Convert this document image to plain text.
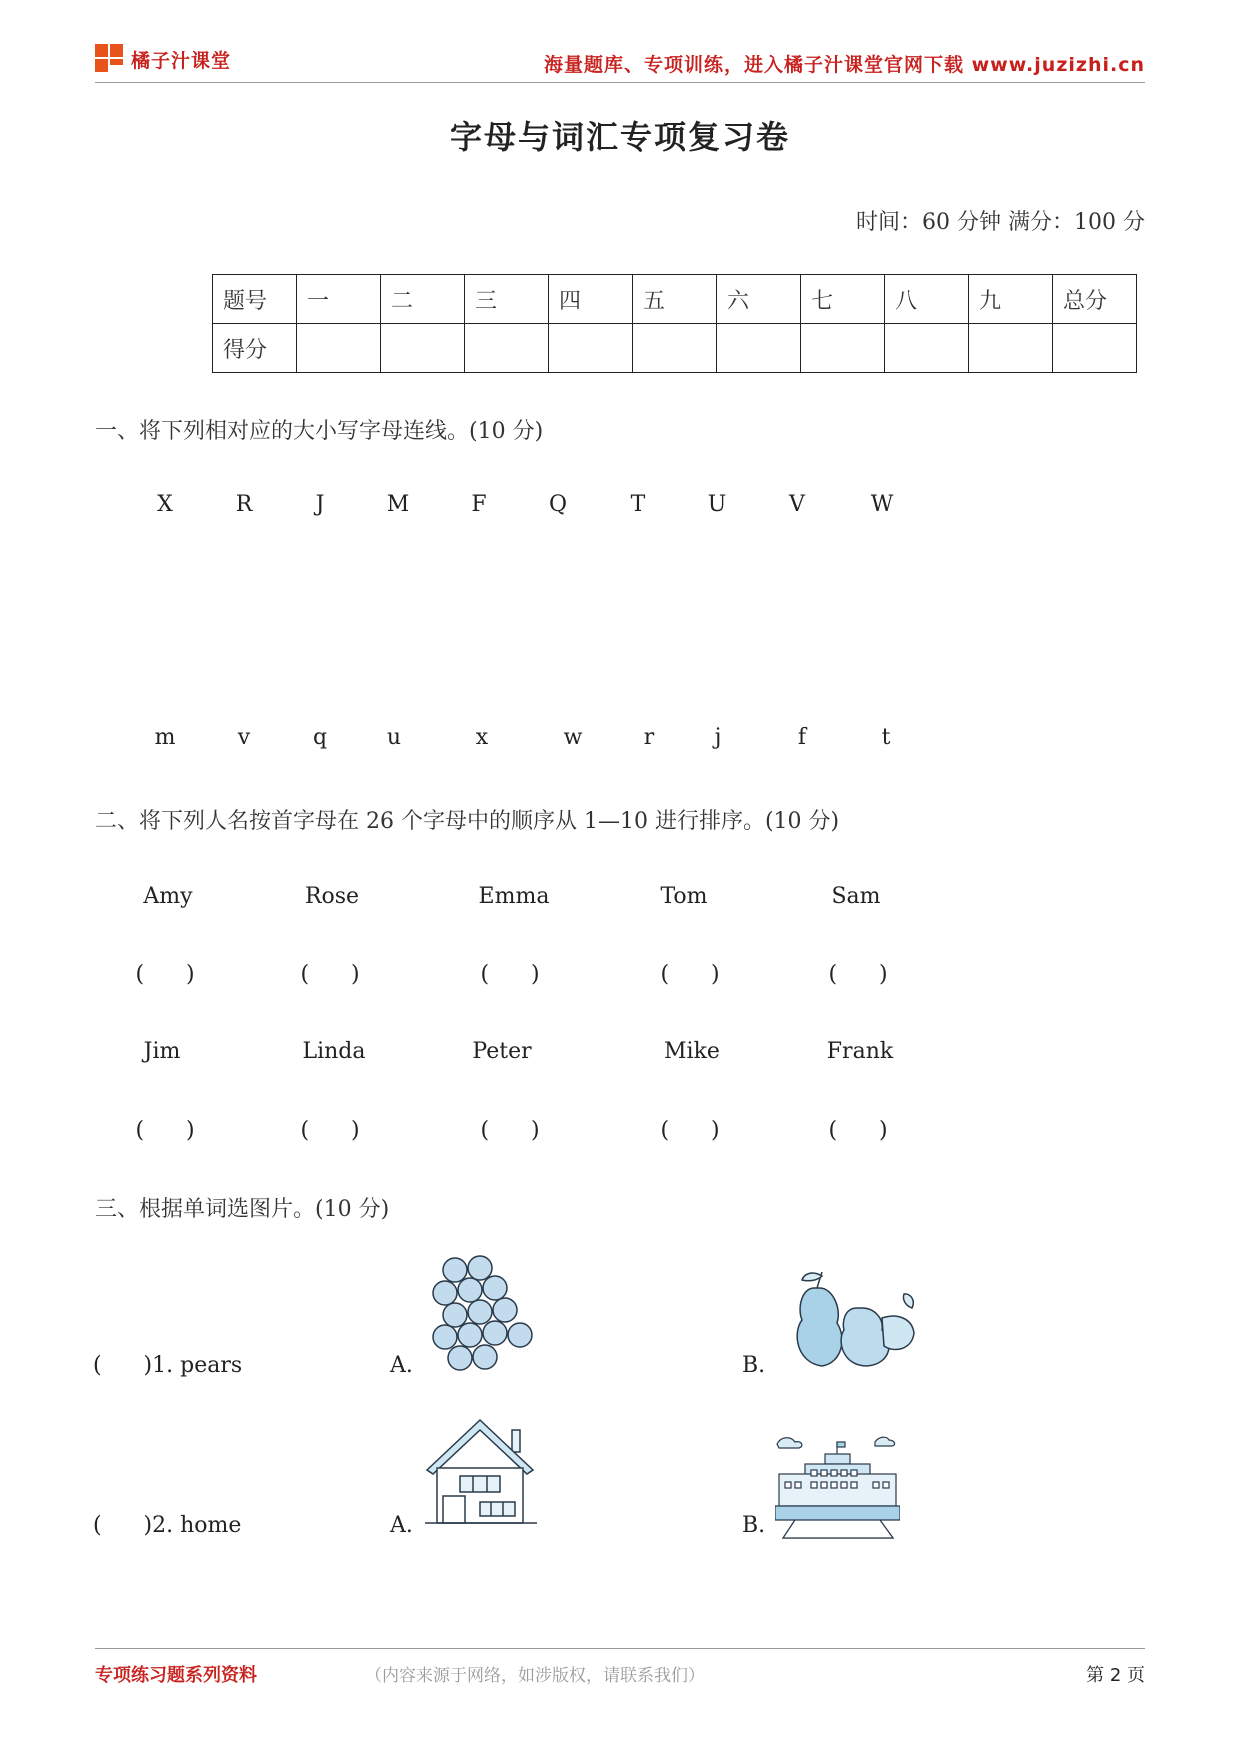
橘子汁课堂	海量题库、专项训练，进入橘子汁课堂官网下载 www.juzizhi.cn
字母与词汇专项复习卷
时间：60 分钟 满分：100 分
题号	一	二	三	四	五	六	七	八	九	总分
得分										
一、将下列相对应的大小写字母连线。(10 分)
X	R	J	M	F	Q	T	U	V	W
m	v	q	u	x	w	r	j	f	t
二、将下列人名按首字母在 26 个字母中的顺序从 1—10 进行排序。(10 分)
Amy	Rose	Emma	Tom	Sam
(      )	(      )	(      )	(      )	(      )
Jim	Linda	Peter	Mike	Frank
(      )	(      )	(      )	(      )	(      )
三、根据单词选图片。(10 分)
(      )1. pears	A.	B.
(      )2. home	A.	B.
专项练习题系列资料	（内容来源于网络，如涉版权，请联系我们）	第 2 页
